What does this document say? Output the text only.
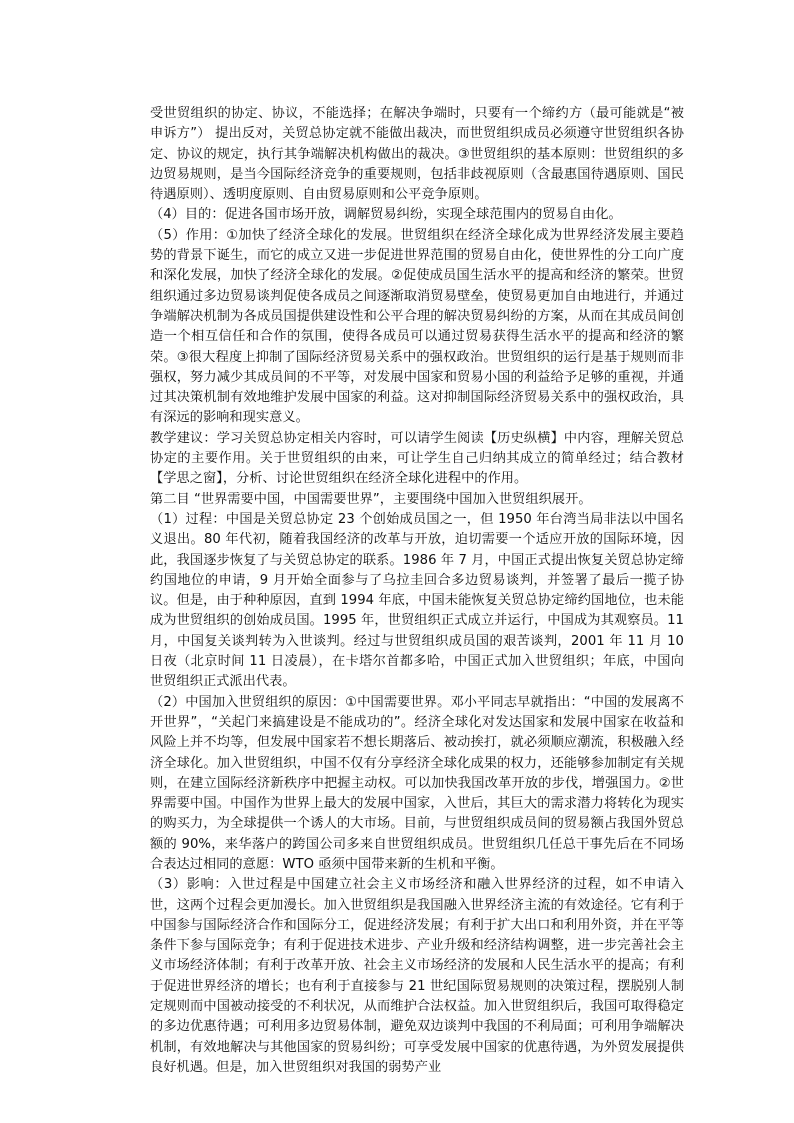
受世贸组织的协定、协议，不能选择；在解决争端时，只要有一个缔约方（最可能就是“被申诉方”） 提出反对，关贸总协定就不能做出裁决，而世贸组织成员必须遵守世贸组织各协定、协议的规定，执行其争端解决机构做出的裁决。③世贸组织的基本原则：世贸组织的多边贸易规则，是当今国际经济竞争的重要规则，包括非歧视原则（含最惠国待遇原则、国民待遇原则）、透明度原则、自由贸易原则和公平竞争原则。

（4）目的：促进各国市场开放，调解贸易纠纷，实现全球范围内的贸易自由化。

（5）作用：①加快了经济全球化的发展。世贸组织在经济全球化成为世界经济发展主要趋势的背景下诞生，而它的成立又进一步促进世界范围的贸易自由化，使世界性的分工向广度和深化发展，加快了经济全球化的发展。②促使成员国生活水平的提高和经济的繁荣。世贸组织通过多边贸易谈判促使各成员之间逐渐取消贸易壁垒，使贸易更加自由地进行，并通过争端解决机制为各成员国提供建设性和公平合理的解决贸易纠纷的方案，从而在其成员间创造一个相互信任和合作的氛围，使得各成员可以通过贸易获得生活水平的提高和经济的繁荣。③很大程度上抑制了国际经济贸易关系中的强权政治。世贸组织的运行是基于规则而非强权，努力减少其成员间的不平等，对发展中国家和贸易小国的利益给予足够的重视，并通过其决策机制有效地维护发展中国家的利益。这对抑制国际经济贸易关系中的强权政治，具有深远的影响和现实意义。

教学建议：学习关贸总协定相关内容时，可以请学生阅读【历史纵横】中内容，理解关贸总协定的主要作用。关于世贸组织的由来，可让学生自己归纳其成立的简单经过；结合教材【学思之窗】，分析、讨论世贸组织在经济全球化进程中的作用。

第二目 “世界需要中国，中国需要世界”，主要围绕中国加入世贸组织展开。

（1）过程：中国是关贸总协定 23 个创始成员国之一，但 1950 年台湾当局非法以中国名义退出。80 年代初，随着我国经济的改革与开放，迫切需要一个适应开放的国际环境，因此，我国逐步恢复了与关贸总协定的联系。1986 年 7 月，中国正式提出恢复关贸总协定缔约国地位的申请，9 月开始全面参与了乌拉圭回合多边贸易谈判，并签署了最后一揽子协议。但是，由于种种原因，直到 1994 年底，中国未能恢复关贸总协定缔约国地位，也未能成为世贸组织的创始成员国。1995 年，世贸组织正式成立并运行，中国成为其观察员。11 月，中国复关谈判转为入世谈判。经过与世贸组织成员国的艰苦谈判，2001 年 11 月 10 日夜（北京时间 11 日凌晨），在卡塔尔首都多哈，中国正式加入世贸组织；年底，中国向世贸组织正式派出代表。

（2）中国加入世贸组织的原因：①中国需要世界。邓小平同志早就指出：“中国的发展离不开世界”，“关起门来搞建设是不能成功的”。经济全球化对发达国家和发展中国家在收益和风险上并不均等，但发展中国家若不想长期落后、被动挨打，就必须顺应潮流，积极融入经济全球化。加入世贸组织，中国不仅有分享经济全球化成果的权力，还能够参加制定有关规则，在建立国际经济新秩序中把握主动权。可以加快我国改革开放的步伐，增强国力。②世界需要中国。中国作为世界上最大的发展中国家，入世后，其巨大的需求潜力将转化为现实的购买力，为全球提供一个诱人的大市场。目前，与世贸组织成员间的贸易额占我国外贸总额的 90%，来华落户的跨国公司多来自世贸组织成员。世贸组织几任总干事先后在不同场合表达过相同的意愿：WTO 亟须中国带来新的生机和平衡。

（3）影响：入世过程是中国建立社会主义市场经济和融入世界经济的过程，如不申请入世，这两个过程会更加漫长。加入世贸组织是我国融入世界经济主流的有效途径。它有利于中国参与国际经济合作和国际分工，促进经济发展；有利于扩大出口和利用外资，并在平等条件下参与国际竞争；有利于促进技术进步、产业升级和经济结构调整，进一步完善社会主义市场经济体制；有利于改革开放、社会主义市场经济的发展和人民生活水平的提高；有利于促进世界经济的增长；也有利于直接参与 21 世纪国际贸易规则的决策过程，摆脱别人制定规则而中国被动接受的不利状况，从而维护合法权益。加入世贸组织后，我国可取得稳定的多边优惠待遇；可利用多边贸易体制，避免双边谈判中我国的不利局面；可利用争端解决机制，有效地解决与其他国家的贸易纠纷；可享受发展中国家的优惠待遇，为外贸发展提供良好机遇。但是，加入世贸组织对我国的弱势产业
